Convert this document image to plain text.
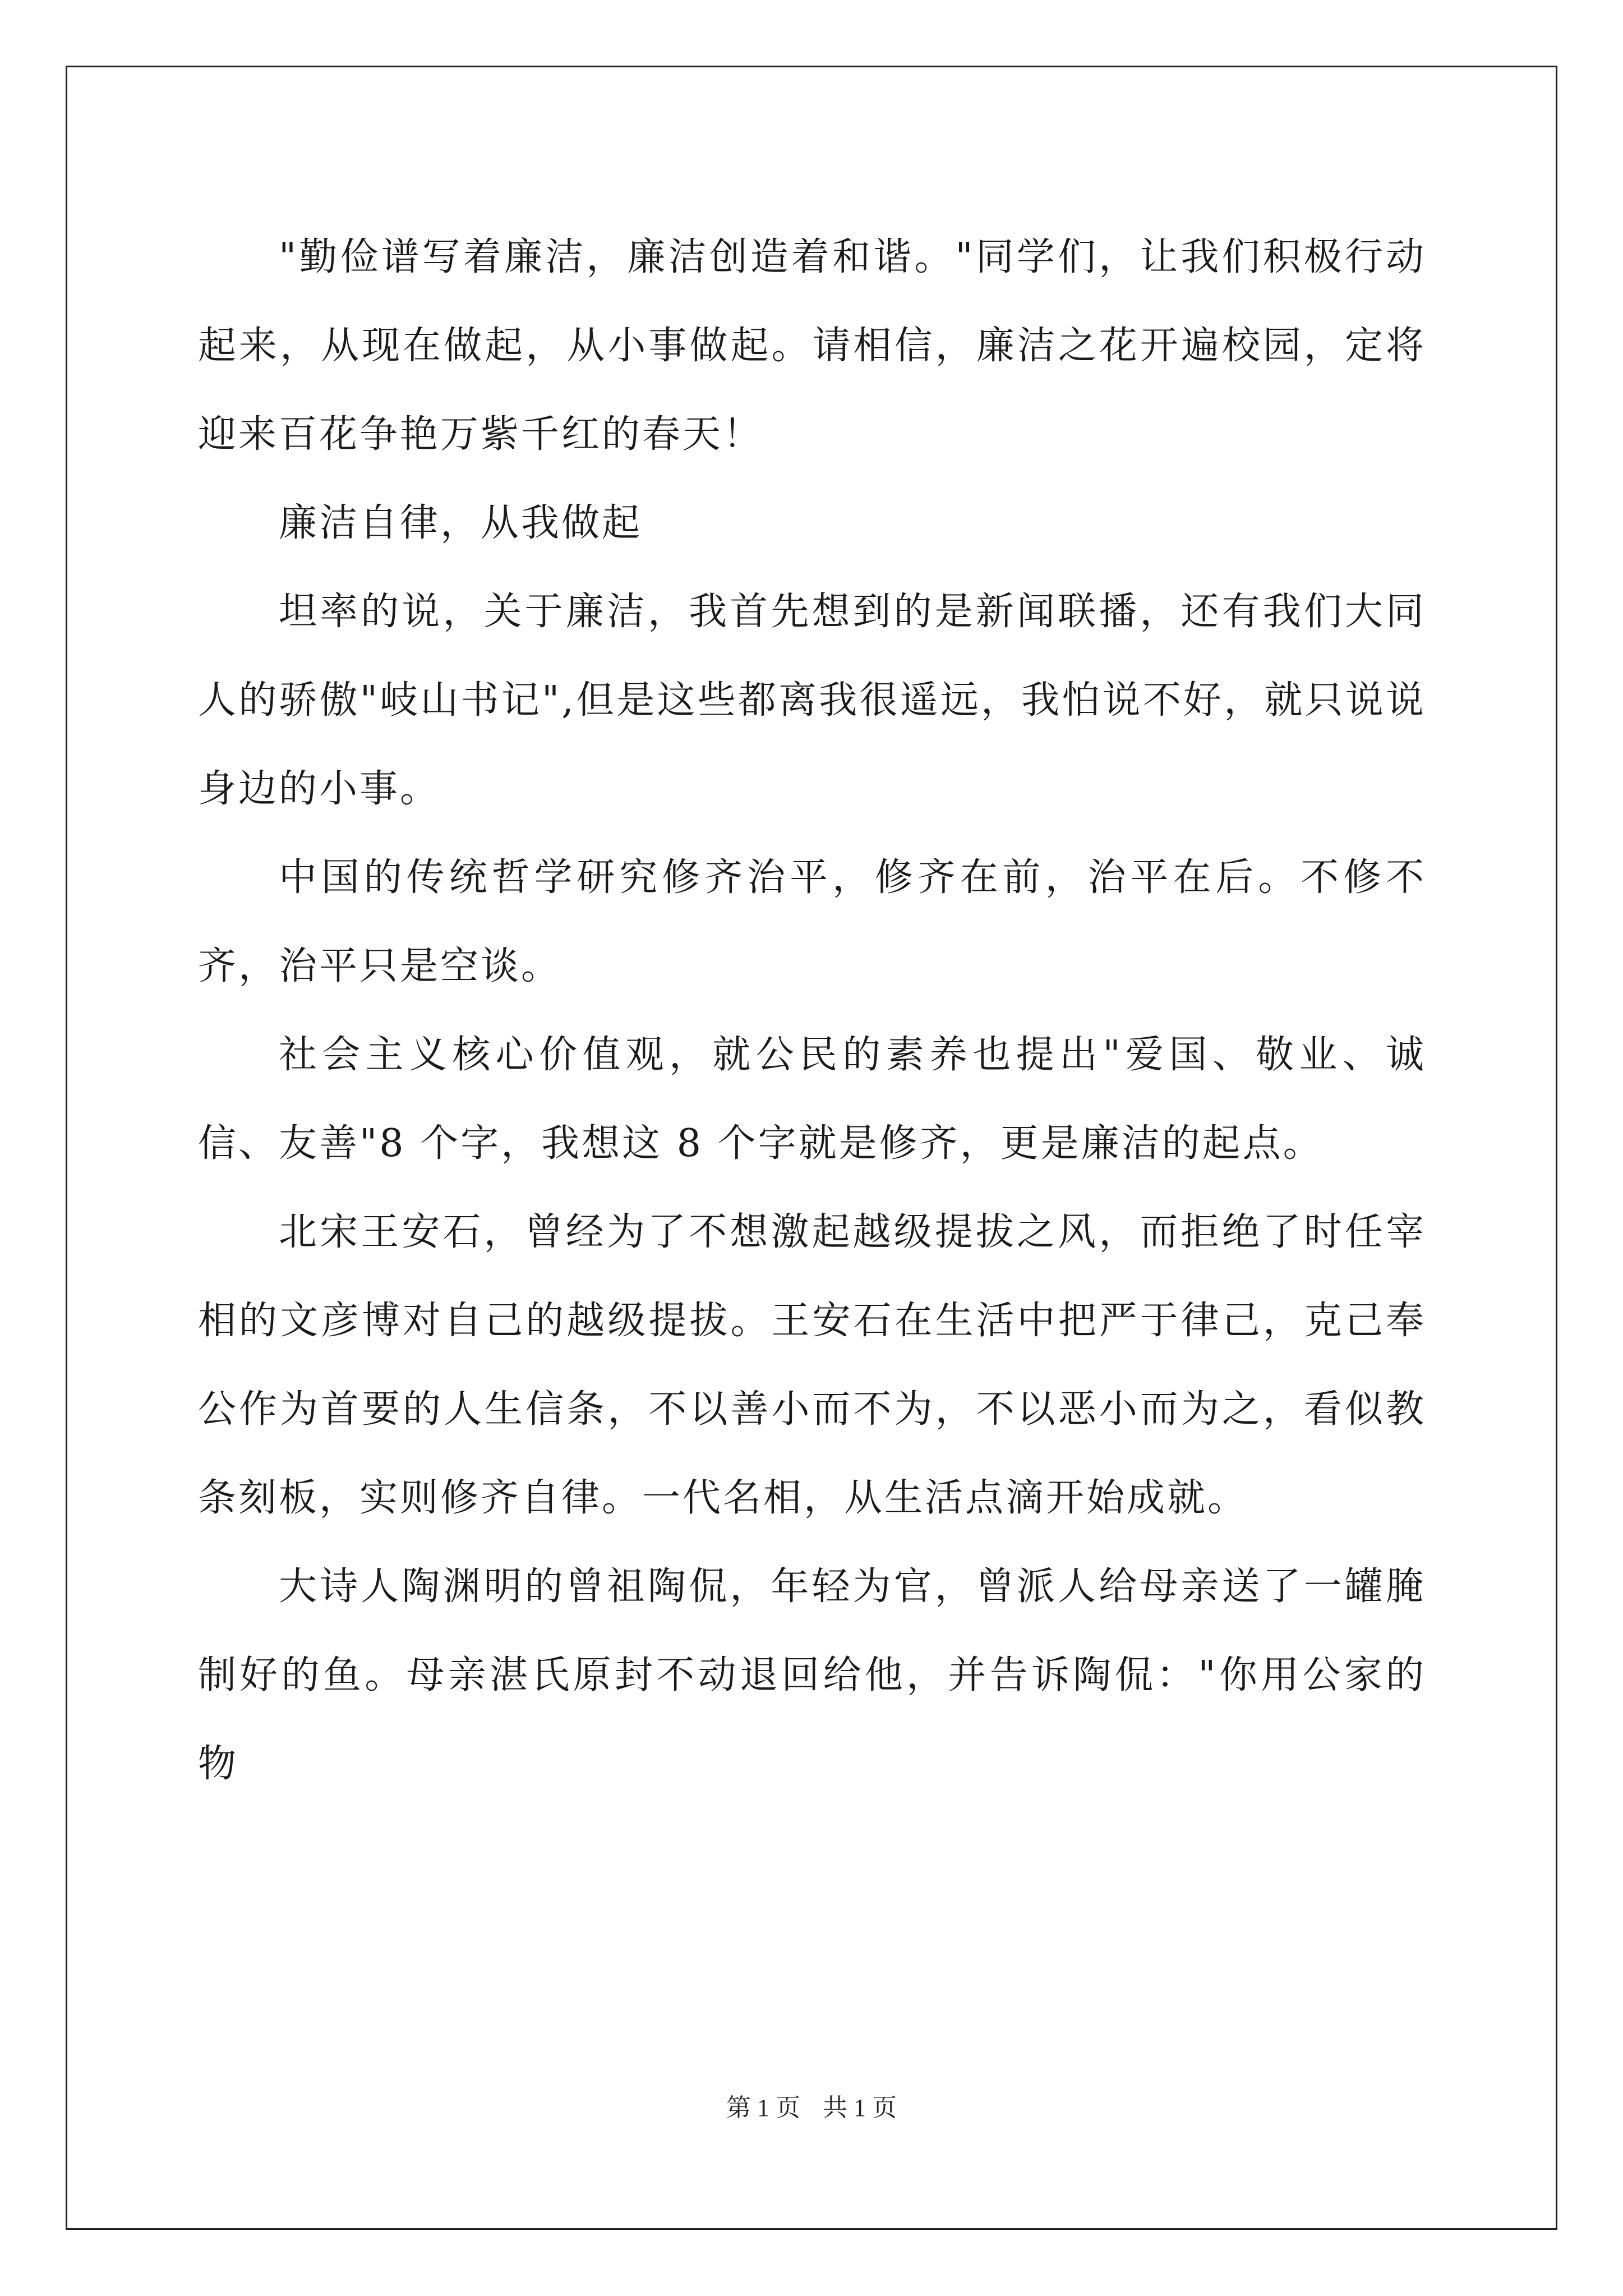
"勤俭谱写着廉洁，廉洁创造着和谐。"同学们，让我们积极行动起来，从现在做起，从小事做起。请相信，廉洁之花开遍校园，定将迎来百花争艳万紫千红的春天！

廉洁自律，从我做起

坦率的说，关于廉洁，我首先想到的是新闻联播，还有我们大同人的骄傲"岐山书记",但是这些都离我很遥远，我怕说不好，就只说说身边的小事。

中国的传统哲学研究修齐治平，修齐在前，治平在后。不修不齐，治平只是空谈。

社会主义核心价值观，就公民的素养也提出"爱国、敬业、诚信、友善"8 个字，我想这 8 个字就是修齐，更是廉洁的起点。

北宋王安石，曾经为了不想激起越级提拔之风，而拒绝了时任宰相的文彦博对自己的越级提拔。王安石在生活中把严于律己，克己奉公作为首要的人生信条，不以善小而不为，不以恶小而为之，看似教条刻板，实则修齐自律。一代名相，从生活点滴开始成就。

大诗人陶渊明的曾祖陶侃，年轻为官，曾派人给母亲送了一罐腌制好的鱼。母亲湛氏原封不动退回给他，并告诉陶侃："你用公家的物

第 1 页 共 1 页
